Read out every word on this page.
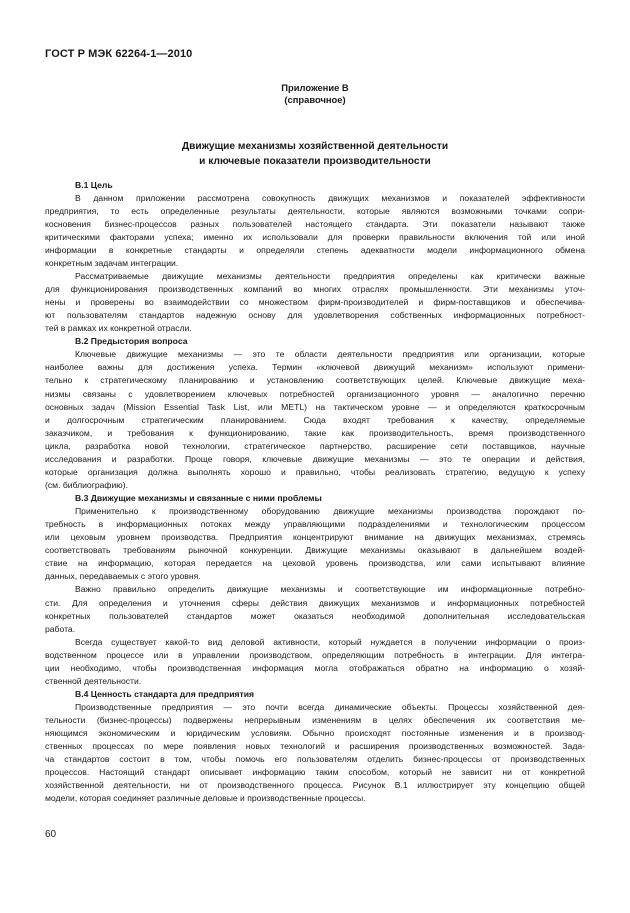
ГОСТ Р МЭК 62264-1—2010
Приложение В
(справочное)
Движущие механизмы хозяйственной деятельности
и ключевые показатели производительности
В.1 Цель
В данном приложении рассмотрена совокупность движущих механизмов и показателей эффективности
предприятия, то есть определенные результаты деятельности, которые являются возможными точками сопри-
косновения бизнес-процессов разных пользователей настоящего стандарта. Эти показатели называют также
критическими факторами успеха; именно их использовали для проверки правильности включения той или иной
информации в конкретные стандарты и определяли степень адекватности модели информационного обмена
конкретным задачам интеграции.
Рассматриваемые движущие механизмы деятельности предприятия определены как критически важные
для функционирования производственных компаний во многих отраслях промышленности. Эти механизмы уточ-
нены и проверены во взаимодействии со множеством фирм-производителей и фирм-поставщиков и обеспечива-
ют пользователям стандартов надежную основу для удовлетворения собственных информационных потребност-
тей в рамках их конкретной отрасли.
В.2 Предыстория вопроса
Ключевые движущие механизмы — это те области деятельности предприятия или организации, которые
наиболее важны для достижения успеха. Термин «ключевой движущий механизм» используют примени-
тельно к стратегическому планированию и установлению соответствующих целей. Ключевые движущие меха-
низмы связаны с удовлетворением ключевых потребностей организационного уровня — аналогично перечню
основных задач (Mission Essential Task List, или METL) на тактическом уровне — и определяются краткосрочным
и долгосрочным стратегическим планированием. Сюда входят требования к качеству, определяемые
заказчиком, и требования к функционированию, такие как производительность, время производственного
цикла, разработка новой технологии, стратегическое партнерство, расширение сети поставщиков, научные
исследования и разработки. Проще говоря, ключевые движущие механизмы — это те операции и действия,
которые организация должна выполнять хорошо и правильно, чтобы реализовать стратегию, ведущую к успеху
(см. библиографию).
В.3 Движущие механизмы и связанные с ними проблемы
Применительно к производственному оборудованию движущие механизмы производства порождают по-
требность в информационных потоках между управляющими подразделениями и технологическим процессом
или цеховым уровнем производства. Предприятия концентрируют внимание на движущих механизмах, стремясь
соответствовать требованиям рыночной конкуренции. Движущие механизмы оказывают в дальнейшем воздей-
ствие на информацию, которая передается на цеховой уровень производства, или сами испытывают влияние
данных, передаваемых с этого уровня.
Важно правильно определить движущие механизмы и соответствующие им информационные потребно-
сти. Для определения и уточнения сферы действия движущих механизмов и информационных потребностей
конкретных пользователей стандартов может оказаться необходимой дополнительная исследовательская
работа.
Всегда существует какой-то вид деловой активности, который нуждается в получении информации о произ-
водственном процессе или в управлении производством, определяющим потребность в интеграции. Для интегра-
ции необходимо, чтобы производственная информация могла отображаться обратно на информацию о хозяй-
ственной деятельности.
В.4 Ценность стандарта для предприятия
Производственные предприятия — это почти всегда динамические объекты. Процессы хозяйственной дея-
тельности (бизнес-процессы) подвержены непрерывным изменениям в целях обеспечения их соответствия ме-
няющимся экономическим и юридическим условиям. Обычно происходят постоянные изменения и в производ-
ственных процессах по мере появления новых технологий и расширения производственных возможностей. Зада-
ча стандартов состоит в том, чтобы помочь его пользователям отделить бизнес-процессы от производственных
процессов. Настоящий стандарт описывает информацию таким способом, который не зависит ни от конкретной
хозяйственной деятельности, ни от производственного процесса. Рисунок В.1 иллюстрирует эту концепцию общей
модели, которая соединяет различные деловые и производственные процессы.
60
